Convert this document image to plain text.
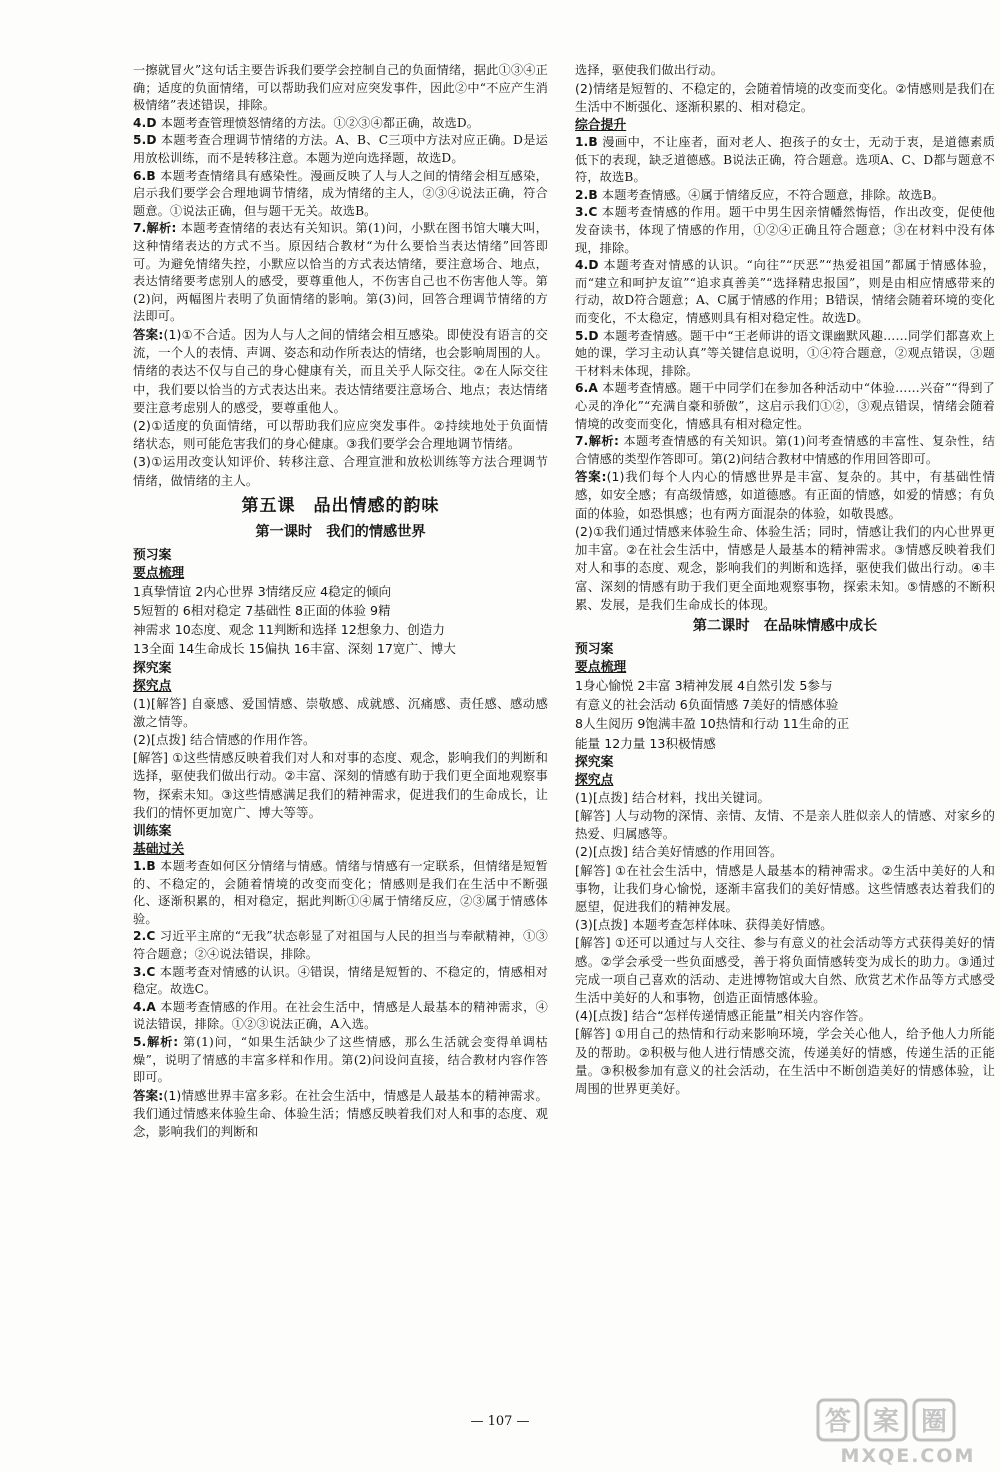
一擦就冒火”这句话主要告诉我们要学会控制自己的负面情绪，据此①③④正确；适度的负面情绪，可以帮助我们应对应突发事件，因此②中“不应产生消极情绪”表述错误，排除。

4.D 本题考查管理愤怒情绪的方法。①②③④都正确，故选D。

5.D 本题考查合理调节情绪的方法。A、B、C三项中方法对应正确。D是运用放松训练，而不是转移注意。本题为逆向选择题，故选D。

6.B 本题考查情绪具有感染性。漫画反映了人与人之间的情绪会相互感染，启示我们要学会合理地调节情绪，成为情绪的主人，②③④说法正确，符合题意。①说法正确，但与题干无关。故选B。

7.解析: 本题考查情绪的表达有关知识。第(1)问，小默在图书馆大嚷大叫，这种情绪表达的方式不当。原因结合教材“为什么要恰当表达情绪”回答即可。为避免情绪失控，小默应以恰当的方式表达情绪，要注意场合、地点，表达情绪要考虑别人的感受，要尊重他人，不伤害自己也不伤害他人等。第(2)问，两幅图片表明了负面情绪的影响。第(3)问，回答合理调节情绪的方法即可。

答案:(1)①不合适。因为人与人之间的情绪会相互感染。即使没有语言的交流，一个人的表情、声调、姿态和动作所表达的情绪，也会影响周围的人。情绪的表达不仅与自己的身心健康有关，而且关乎人际交往。②在人际交往中，我们要以恰当的方式表达出来。表达情绪要注意场合、地点；表达情绪要注意考虑别人的感受，要尊重他人。

(2)①适度的负面情绪，可以帮助我们应应突发事件。②持续地处于负面情绪状态，则可能危害我们的身心健康。③我们要学会合理地调节情绪。

(3)①运用改变认知评价、转移注意、合理宣泄和放松训练等方法合理调节情绪，做情绪的主人。

第五课　品出情感的韵味
第一课时　我们的情感世界
预习案
要点梳理

1真挚情谊 2内心世界 3情绪反应 4稳定的倾向

5短暂的 6相对稳定 7基础性 8正面的体验 9精

神需求 10态度、观念 11判断和选择 12想象力、创造力

13全面 14生命成长 15偏执 16丰富、深刻 17宽广、博大

探究案
探究点

(1)[解答] 自豪感、爱国情感、崇敬感、成就感、沉痛感、责任感、感动感激之情等。

(2)[点拨] 结合情感的作用作答。

[解答] ①这些情感反映着我们对人和对事的态度、观念，影响我们的判断和选择，驱使我们做出行动。②丰富、深刻的情感有助于我们更全面地观察事物，探索未知。③这些情感满足我们的精神需求，促进我们的生命成长，让我们的情怀更加宽广、博大等等。

训练案
基础过关

1.B 本题考查如何区分情绪与情感。情绪与情感有一定联系，但情绪是短暂的、不稳定的，会随着情境的改变而变化；情感则是我们在生活中不断强化、逐渐积累的，相对稳定，据此判断①④属于情绪反应，②③属于情感体验。

2.C 习近平主席的“无我”状态彰显了对祖国与人民的担当与奉献精神，①③符合题意；②④说法错误，排除。

3.C 本题考查对情感的认识。④错误，情绪是短暂的、不稳定的，情感相对稳定。故选C。

4.A 本题考查情感的作用。在社会生活中，情感是人最基本的精神需求，④说法错误，排除。①②③说法正确，A入选。

5.解析: 第(1)问，“如果生活缺少了这些情感，那么生活就会变得单调枯燥”，说明了情感的丰富多样和作用。第(2)问设问直接，结合教材内容作答即可。

答案:(1)情感世界丰富多彩。在社会生活中，情感是人最基本的精神需求。我们通过情感来体验生命、体验生活；情感反映着我们对人和事的态度、观念，影响我们的判断和

选择，驱使我们做出行动。

(2)情绪是短暂的、不稳定的，会随着情境的改变而变化。②情感则是我们在生活中不断强化、逐渐积累的、相对稳定。

综合提升

1.B 漫画中，不让座者，面对老人、抱孩子的女士，无动于衷，是道德素质低下的表现，缺乏道德感。B说法正确，符合题意。选项A、C、D都与题意不符，故选B。

2.B 本题考查情感。④属于情绪反应，不符合题意，排除。故选B。

3.C 本题考查情感的作用。题干中男生因亲情幡然悔悟，作出改变，促使他发奋读书，体现了情感的作用，①②④正确且符合题意；③在材料中没有体现，排除。

4.D 本题考查对情感的认识。“向往”“厌恶”“热爱祖国”都属于情感体验，而“建立和呵护友谊”“追求真善美”“选择精忠报国”，则是由相应情感带来的行动，故D符合题意；A、C属于情感的作用；B错误，情绪会随着环境的变化而变化，不太稳定，情感则具有相对稳定性。故选D。

5.D 本题考查情感。题干中“王老师讲的语文课幽默风趣……同学们都喜欢上她的课，学习主动认真”等关键信息说明，①④符合题意，②观点错误，③题干材料未体现，排除。

6.A 本题考查情感。题干中同学们在参加各种活动中“体验……兴奋”“得到了心灵的净化”“充满自豪和骄傲”，这启示我们①②，③观点错误，情绪会随着情境的改变而变化，情感具有相对稳定性。

7.解析: 本题考查情感的有关知识。第(1)问考查情感的丰富性、复杂性，结合情感的类型作答即可。第(2)问结合教材中情感的作用回答即可。

答案:(1)我们每个人内心的情感世界是丰富、复杂的。其中，有基础性情感，如安全感；有高级情感，如道德感。有正面的情感，如爱的情感；有负面的体验，如恐惧感；也有两方面混杂的体验，如敬畏感。

(2)①我们通过情感来体验生命、体验生活；同时，情感让我们的内心世界更加丰富。②在社会生活中，情感是人最基本的精神需求。③情感反映着我们对人和事的态度、观念，影响我们的判断和选择，驱使我们做出行动。④丰富、深刻的情感有助于我们更全面地观察事物，探索未知。⑤情感的不断积累、发展，是我们生命成长的体现。

第二课时　在品味情感中成长
预习案
要点梳理

1身心愉悦 2丰富 3精神发展 4自然引发 5参与

有意义的社会活动 6负面情感 7美好的情感体验

8人生阅历 9饱满丰盈 10热情和行动 11生命的正

能量 12力量 13积极情感

探究案
探究点

(1)[点拨] 结合材料，找出关键词。

[解答] 人与动物的深情、亲情、友情、不是亲人胜似亲人的情感、对家乡的热爱、归属感等。

(2)[点拨] 结合美好情感的作用回答。

[解答] ①在社会生活中，情感是人最基本的精神需求。②生活中美好的人和事物，让我们身心愉悦，逐渐丰富我们的美好情感。这些情感表达着我们的愿望，促进我们的精神发展。

(3)[点拨] 本题考查怎样体味、获得美好情感。

[解答] ①还可以通过与人交往、参与有意义的社会活动等方式获得美好的情感。②学会承受一些负面感受，善于将负面情感转变为成长的助力。③通过完成一项自己喜欢的活动、走进博物馆或大自然、欣赏艺术作品等方式感受生活中美好的人和事物，创造正面情感体验。

(4)[点拨] 结合“怎样传递情感正能量”相关内容作答。

[解答] ①用自己的热情和行动来影响环境，学会关心他人，给予他人力所能及的帮助。②积极与他人进行情感交流，传递美好的情感，传递生活的正能量。③积极参加有意义的社会活动，在生活中不断创造美好的情感体验，让周围的世界更美好。

— 107 —	答 案 圈
MXQE.COM
